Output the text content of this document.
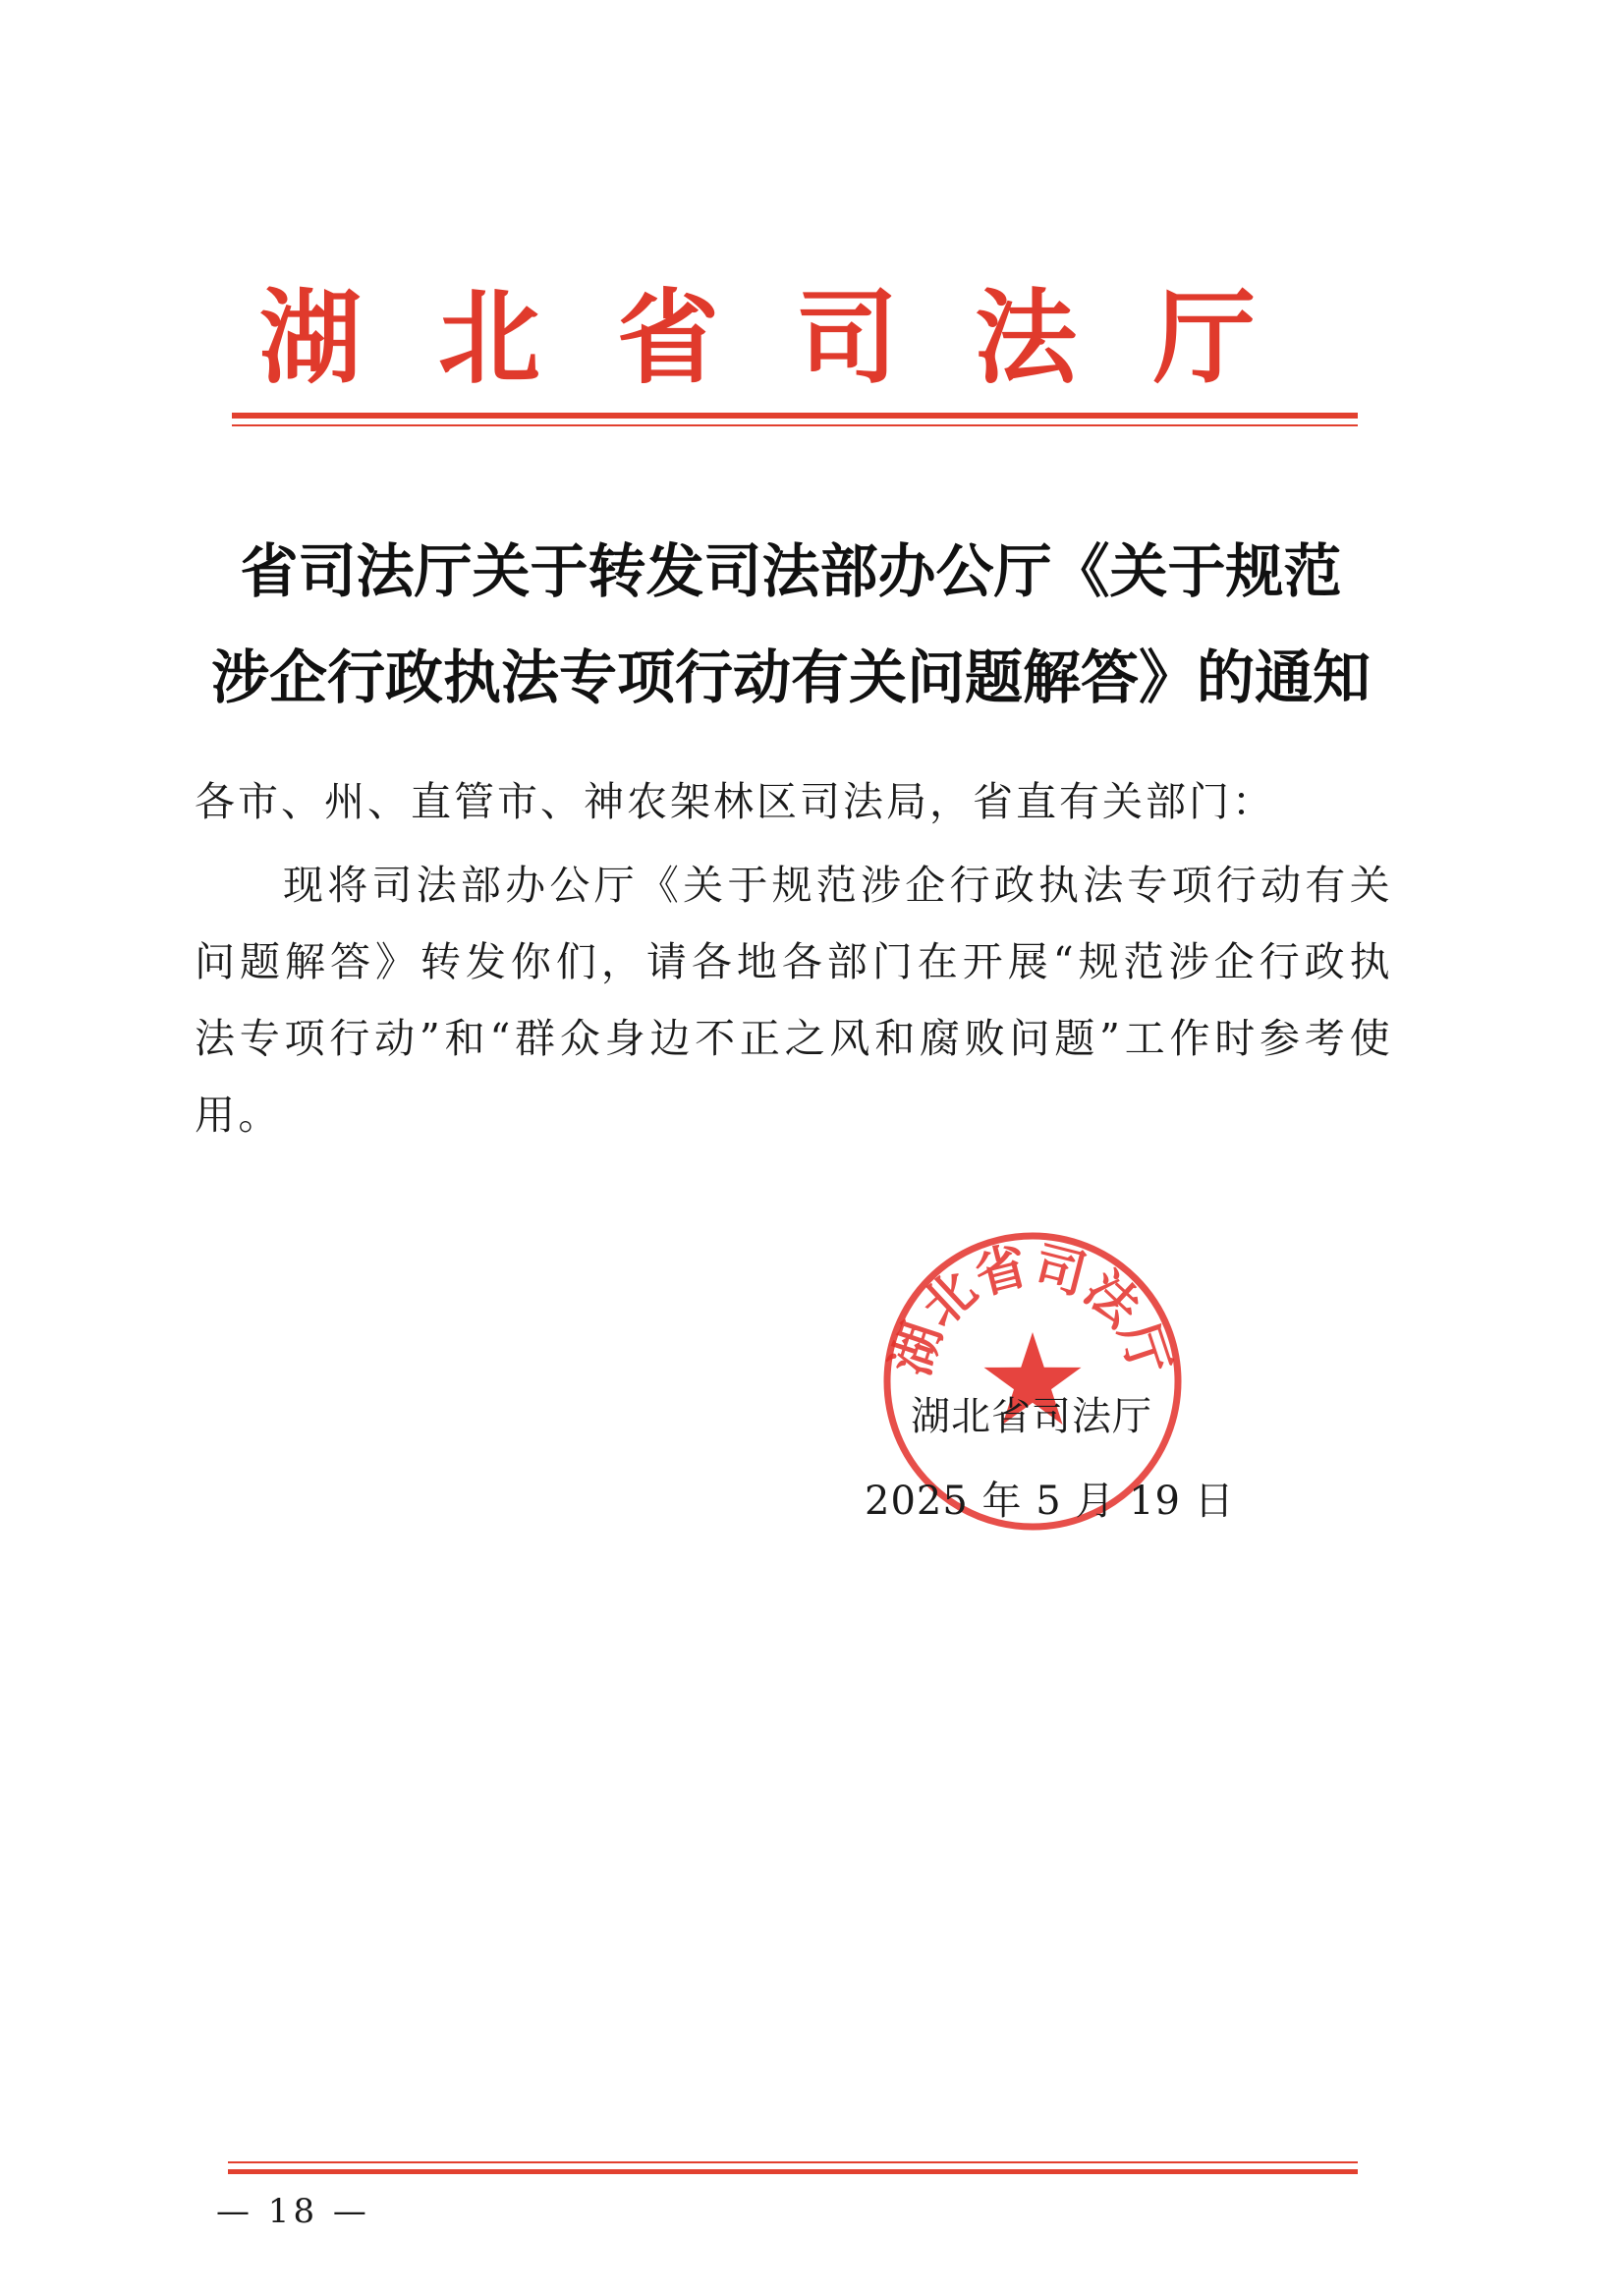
湖北省司法厅
省司法厅关于转发司法部办公厅《关于规范
涉企行政执法专项行动有关问题解答》的通知
各市、州、直管市、神农架林区司法局，省直有关部门：
现将司法部办公厅《关于规范涉企行政执法专项行动有关问题解答》转发你们，请各地各部门在开展“规范涉企行政执法专项行动”和“群众身边不正之风和腐败问题”工作时参考使用。
湖北省司法厅
湖北省司法厅
2025 年 5 月 19 日
— 18 —
